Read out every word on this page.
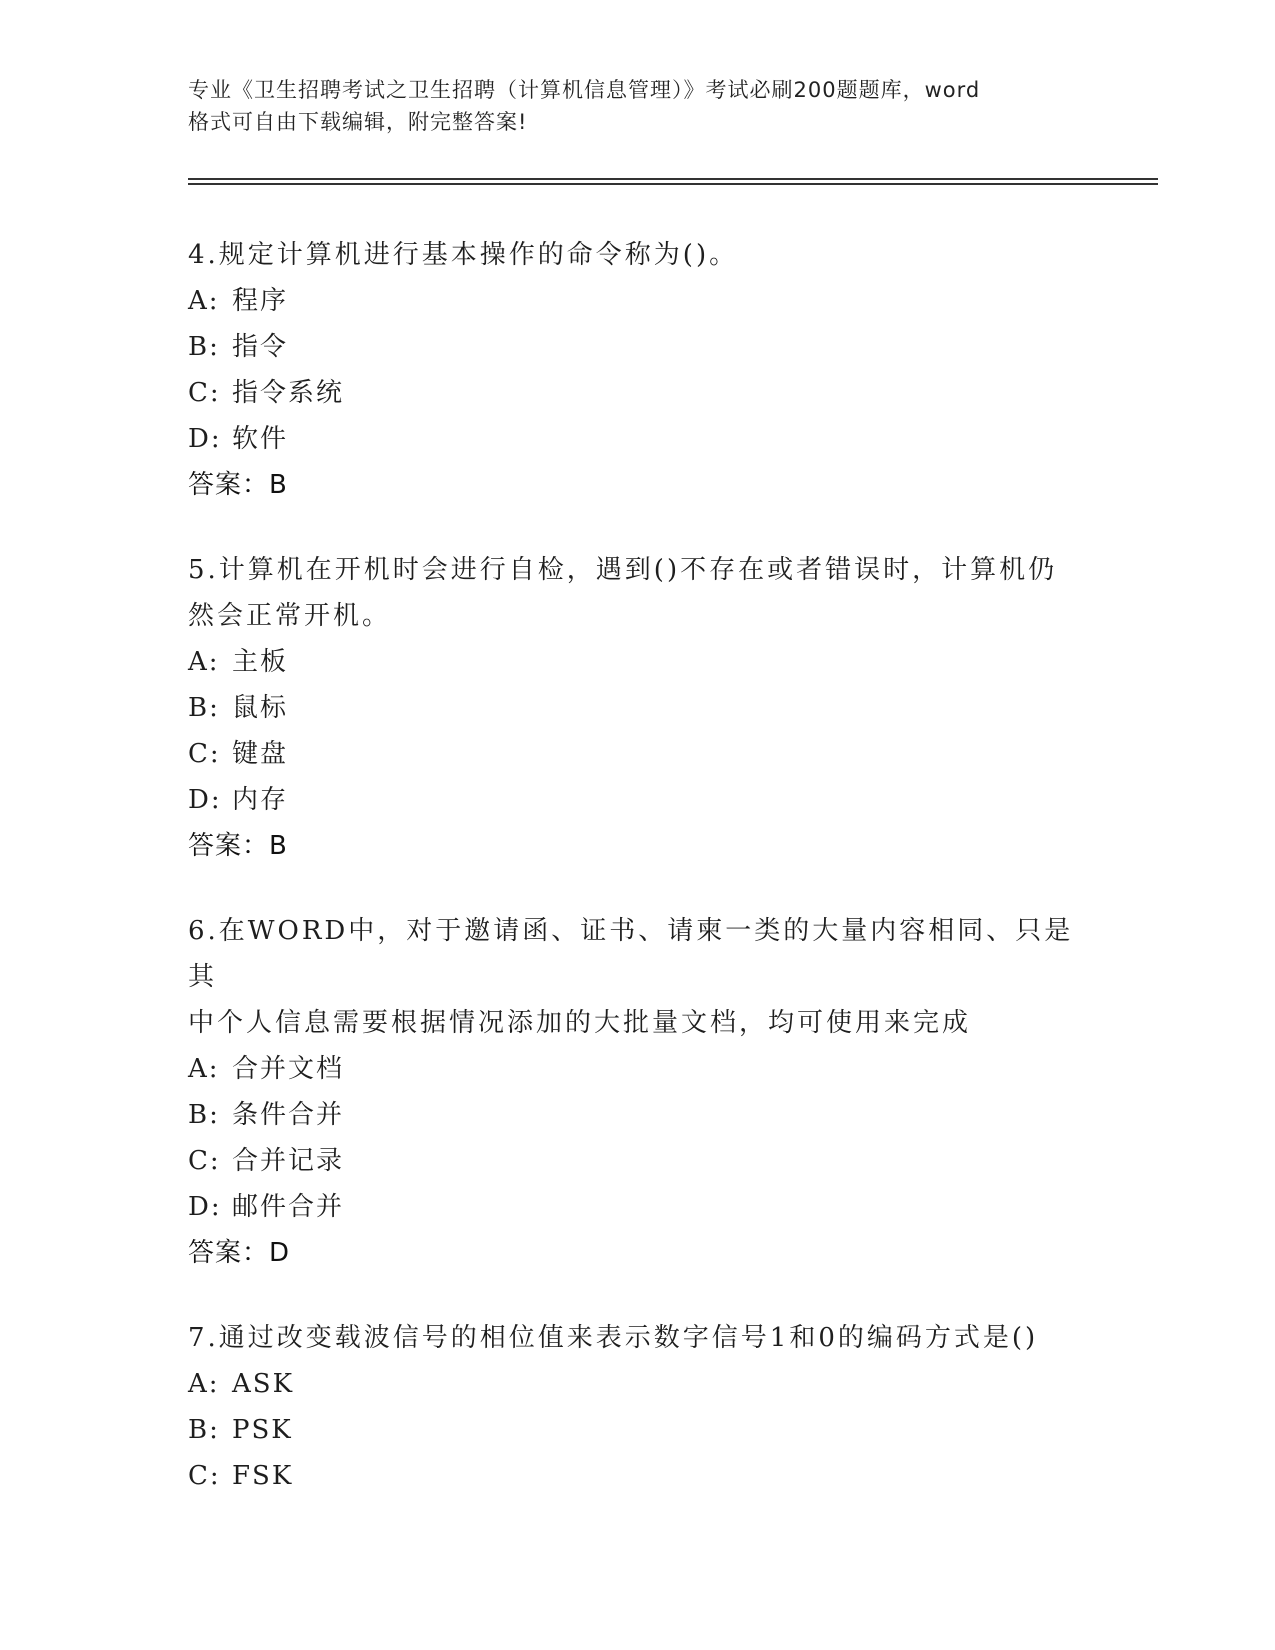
专业《卫生招聘考试之卫生招聘（计算机信息管理）》考试必刷200题题库，word
格式可自由下载编辑，附完整答案!
4.规定计算机进行基本操作的命令称为()。
A: 程序
B: 指令
C: 指令系统
D: 软件
答案：B
5.计算机在开机时会进行自检，遇到()不存在或者错误时，计算机仍
然会正常开机。
A: 主板
B: 鼠标
C: 键盘
D: 内存
答案：B
6.在WORD中，对于邀请函、证书、请柬一类的大量内容相同、只是其
中个人信息需要根据情况添加的大批量文档，均可使用来完成
A: 合并文档
B: 条件合并
C: 合并记录
D: 邮件合并
答案：D
7.通过改变载波信号的相位值来表示数字信号1和0的编码方式是()
A: ASK
B: PSK
C: FSK
